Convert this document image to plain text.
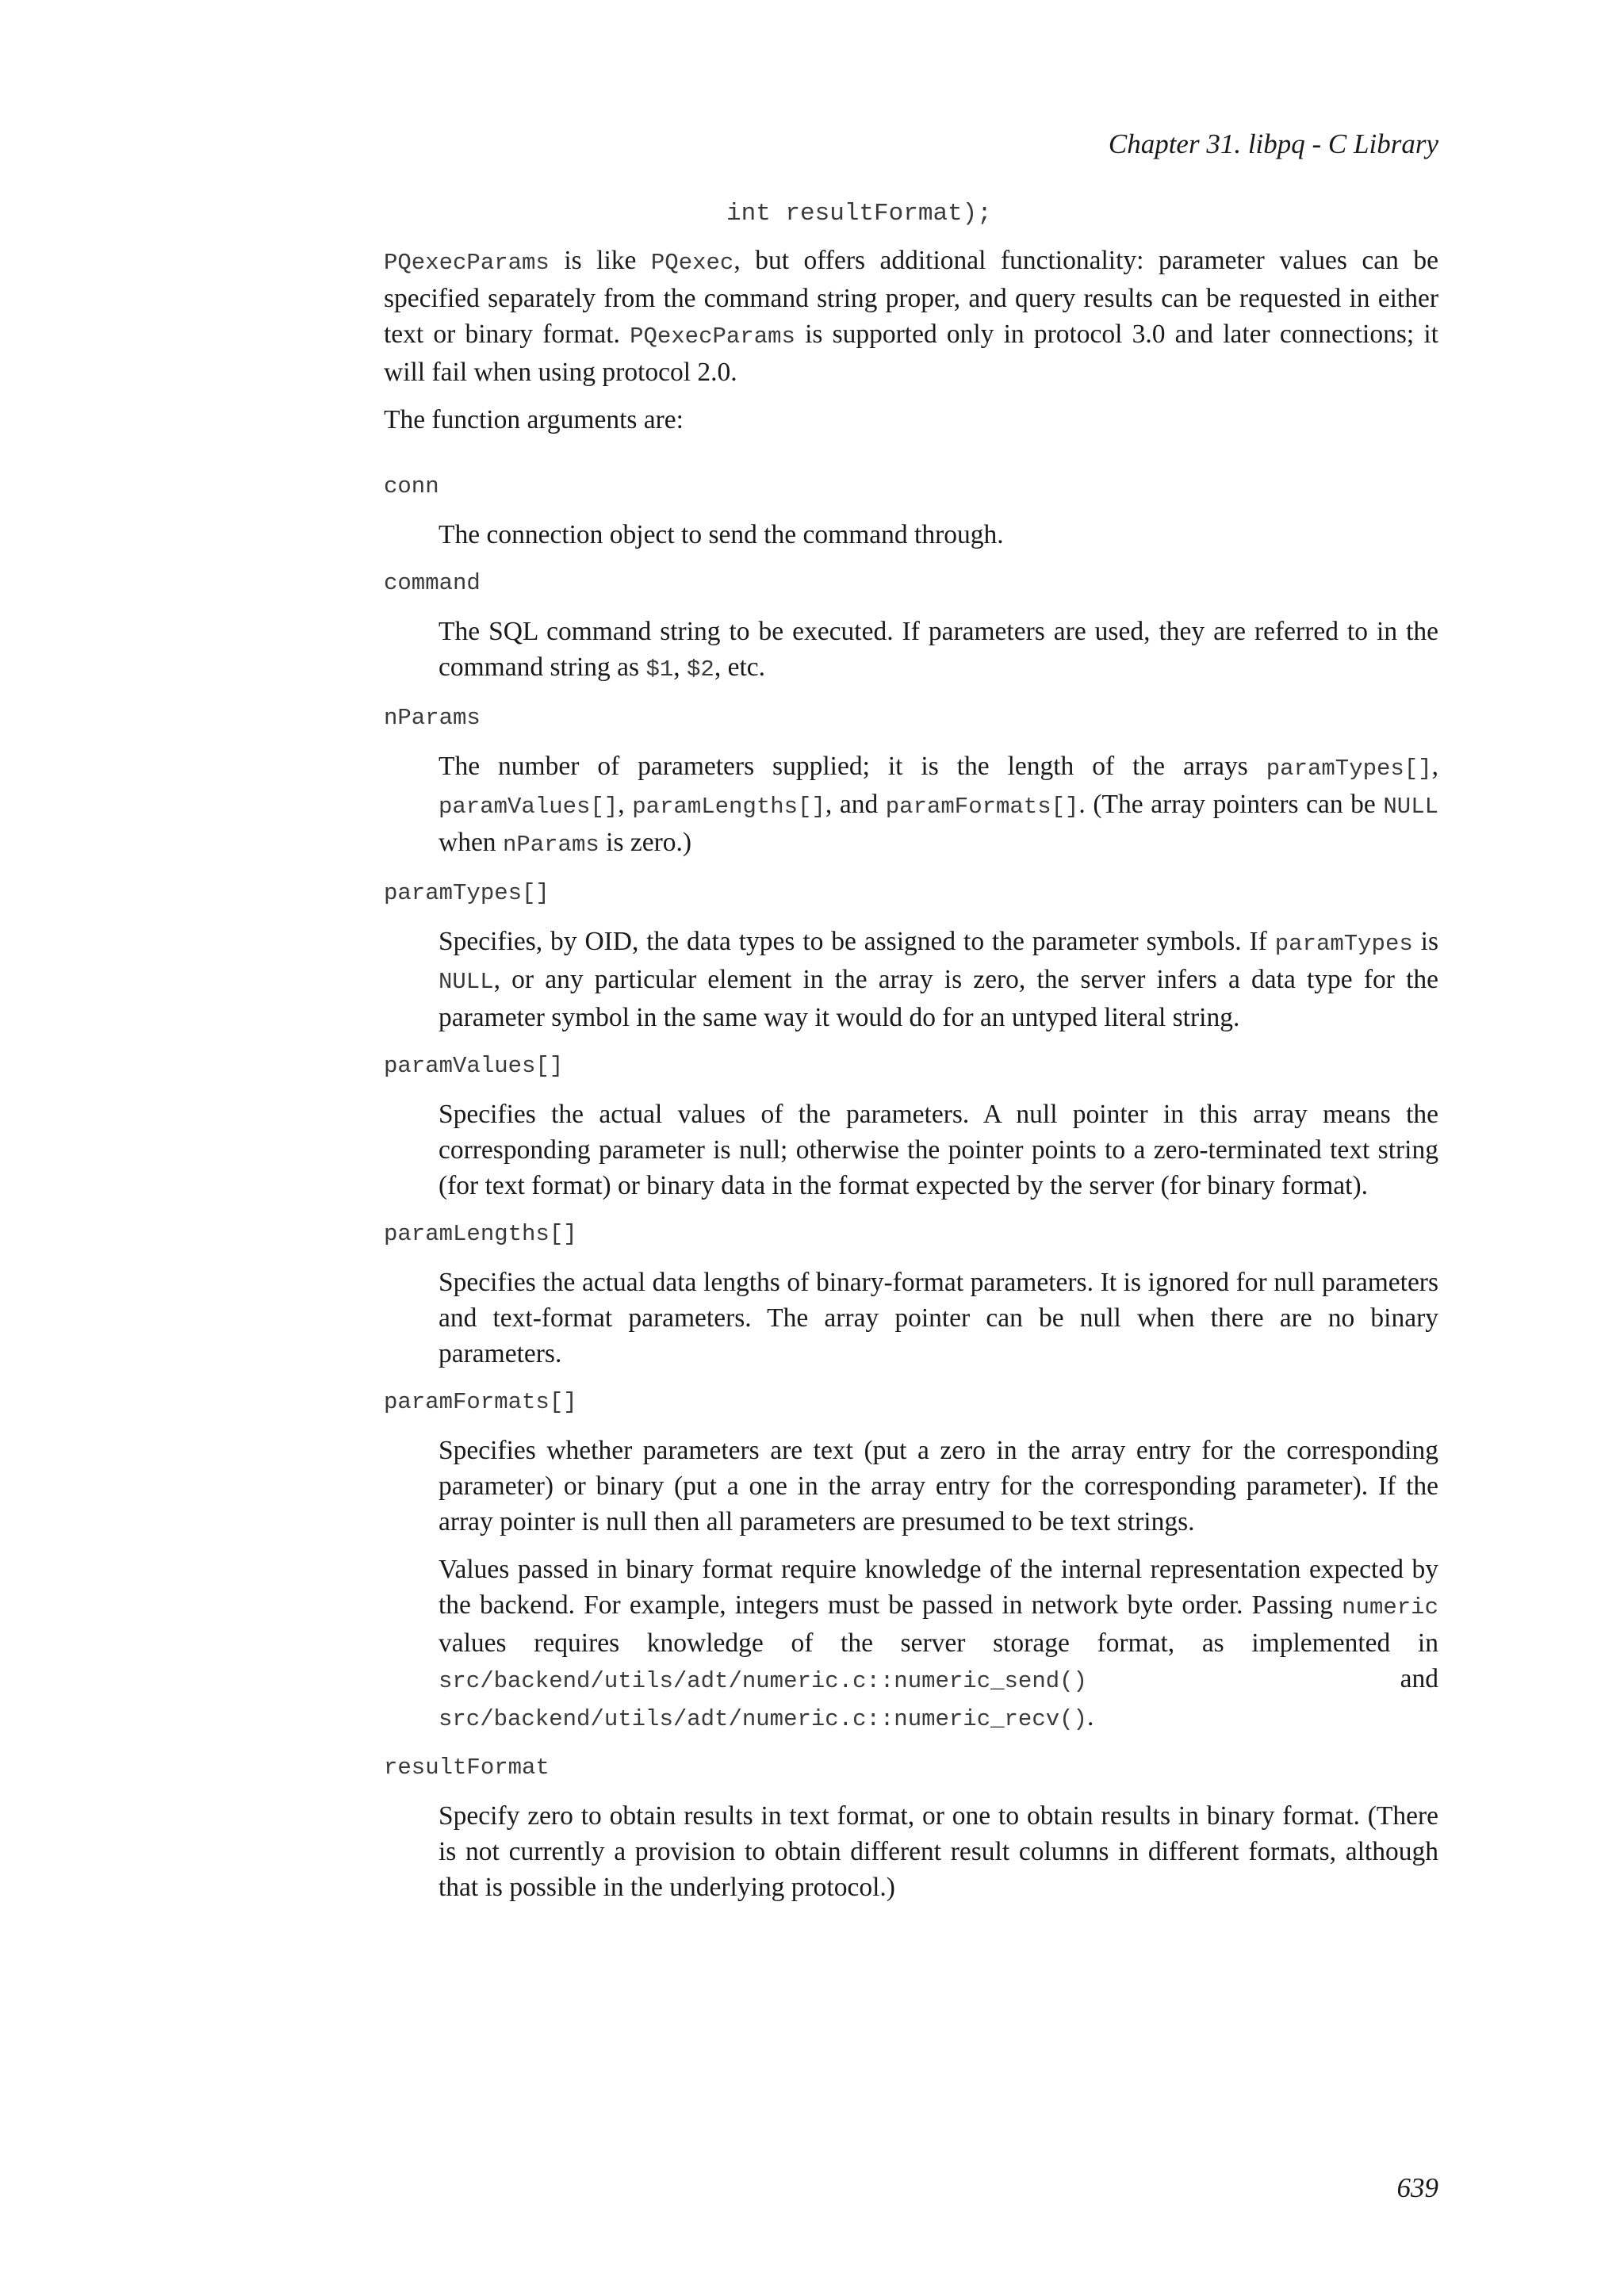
Chapter 31. libpq - C Library
int resultFormat);

PQexecParams is like PQexec, but offers additional functionality: parameter values can be specified separately from the command string proper, and query results can be requested in either text or binary format. PQexecParams is supported only in protocol 3.0 and later connections; it will fail when using protocol 2.0.

The function arguments are:

conn

The connection object to send the command through.

command

The SQL command string to be executed. If parameters are used, they are referred to in the command string as $1, $2, etc.

nParams

The number of parameters supplied; it is the length of the arrays paramTypes[], paramValues[], paramLengths[], and paramFormats[]. (The array pointers can be NULL when nParams is zero.)

paramTypes[]

Specifies, by OID, the data types to be assigned to the parameter symbols. If paramTypes is NULL, or any particular element in the array is zero, the server infers a data type for the parameter symbol in the same way it would do for an untyped literal string.

paramValues[]

Specifies the actual values of the parameters. A null pointer in this array means the corresponding parameter is null; otherwise the pointer points to a zero-terminated text string (for text format) or binary data in the format expected by the server (for binary format).

paramLengths[]

Specifies the actual data lengths of binary-format parameters. It is ignored for null parameters and text-format parameters. The array pointer can be null when there are no binary parameters.

paramFormats[]

Specifies whether parameters are text (put a zero in the array entry for the corresponding parameter) or binary (put a one in the array entry for the corresponding parameter). If the array pointer is null then all parameters are presumed to be text strings.

Values passed in binary format require knowledge of the internal representation expected by the backend. For example, integers must be passed in network byte order. Passing numeric values requires knowledge of the server storage format, as implemented in src/backend/utils/adt/numeric.c::numeric_send() and src/backend/utils/adt/numeric.c::numeric_recv().

resultFormat

Specify zero to obtain results in text format, or one to obtain results in binary format. (There is not currently a provision to obtain different result columns in different formats, although that is possible in the underlying protocol.)

639
